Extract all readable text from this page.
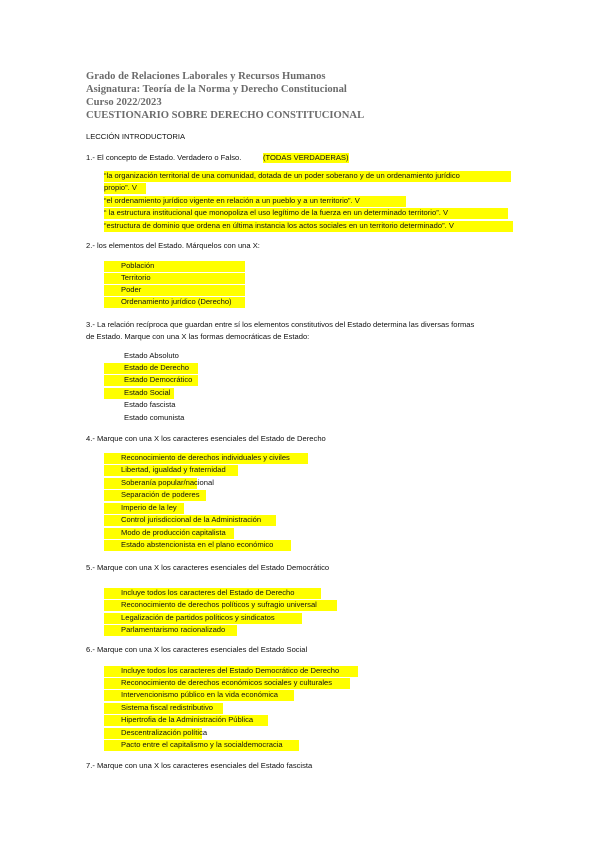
Grado de Relaciones Laborales y Recursos Humanos
Asignatura: Teoría de la Norma y Derecho Constitucional
Curso 2022/2023
CUESTIONARIO SOBRE DERECHO CONSTITUCIONAL
LECCIÓN INTRODUCTORIA
1.- El concepto de Estado. Verdadero o Falso.	(TODAS VERDADERAS)
“la organización territorial de una comunidad, dotada de un poder soberano y de un ordenamiento jurídico
propio”. V
“el ordenamiento jurídico vigente en relación a un pueblo y a un territorio”. V
“ la estructura institucional que monopoliza el uso legítimo de la fuerza en un determinado territorio”. V
“estructura de dominio que ordena en última instancia los actos sociales en un territorio determinado”. V
2.- los elementos del Estado. Márquelos con una X:
Población
Territorio
Poder
Ordenamiento jurídico (Derecho)
3.- La relación recíproca que guardan entre sí los elementos constitutivos del Estado determina las diversas formas
de Estado. Marque con una X las formas democráticas de Estado:
Estado Absoluto
Estado de Derecho
Estado Democrático
Estado Social
Estado fascista
Estado comunista
4.- Marque con una X los caracteres esenciales del Estado de Derecho
Reconocimiento de derechos individuales y civiles
Libertad, igualdad y fraternidad
Soberanía popular/nacional
Separación de poderes
Imperio de la ley
Control jurisdiccional de la Administración
Modo de producción capitalista
Estado abstencionista en el plano económico
5.- Marque con una X los caracteres esenciales del Estado Democrático
Incluye todos los caracteres del Estado de Derecho
Reconocimiento de derechos políticos y sufragio universal
Legalización de partidos políticos y sindicatos
Parlamentarismo racionalizado
6.- Marque con una X los caracteres esenciales del Estado Social
Incluye todos los caracteres del Estado Democrático de Derecho
Reconocimiento de derechos económicos sociales y culturales
Intervencionismo público en la vida económica
Sistema fiscal redistributivo
Hipertrofia de la Administración Pública
Descentralización política
Pacto entre el capitalismo y la socialdemocracia
7.- Marque con una X los caracteres esenciales del Estado fascista
